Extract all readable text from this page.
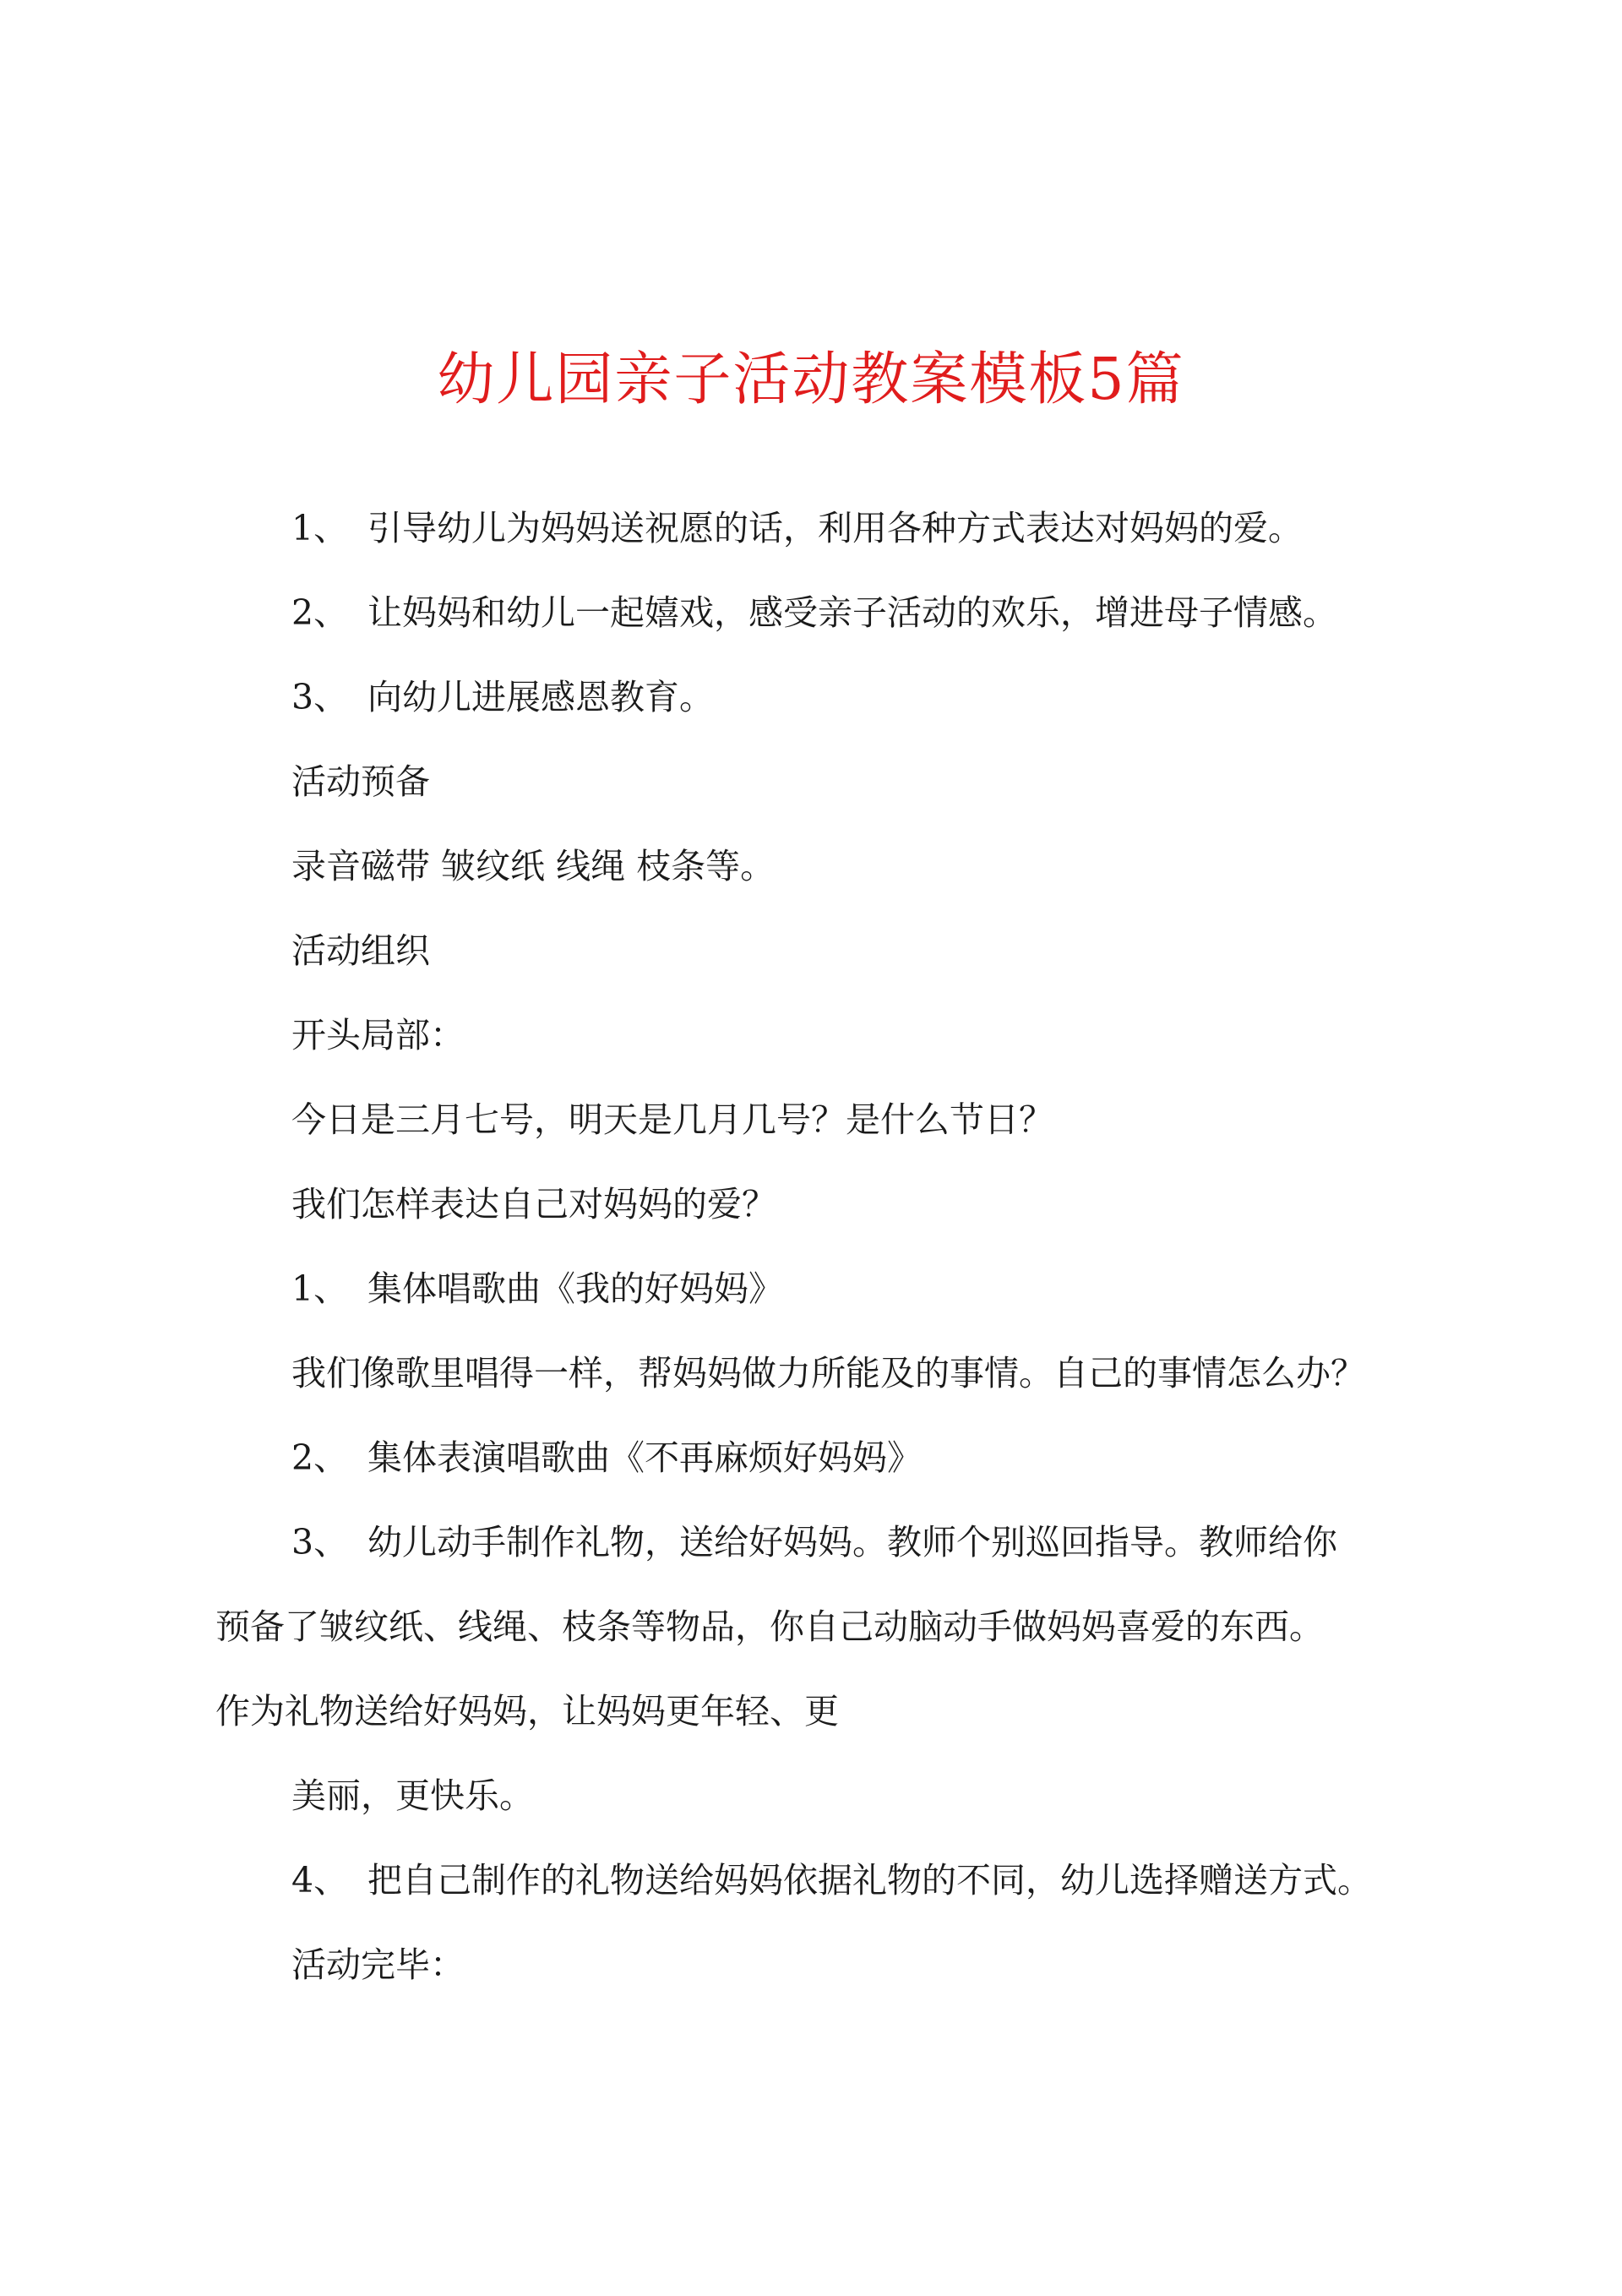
幼儿园亲子活动教案模板5篇
1、 引导幼儿为妈妈送祝愿的话，利用各种方式表达对妈妈的爱。
2、 让妈妈和幼儿一起嬉戏，感受亲子活动的欢乐，增进母子情感。
3、 向幼儿进展感恩教育。
活动预备
录音磁带 皱纹纸 线绳 枝条等。
活动组织
开头局部：
今日是三月七号，明天是几月几号？是什么节日？
我们怎样表达自己对妈妈的爱？
1、 集体唱歌曲《我的好妈妈》
我们像歌里唱得一样，帮妈妈做力所能及的事情。自己的事情怎么办？
2、 集体表演唱歌曲《不再麻烦好妈妈》
3、 幼儿动手制作礼物，送给好妈妈。教师个别巡回指导。教师给你
预备了皱纹纸、线绳、枝条等物品，你自己动脑动手做妈妈喜爱的东西。
作为礼物送给好妈妈，让妈妈更年轻、更
美丽，更快乐。
4、 把自己制作的礼物送给妈妈依据礼物的不同，幼儿选择赠送方式。
活动完毕：
